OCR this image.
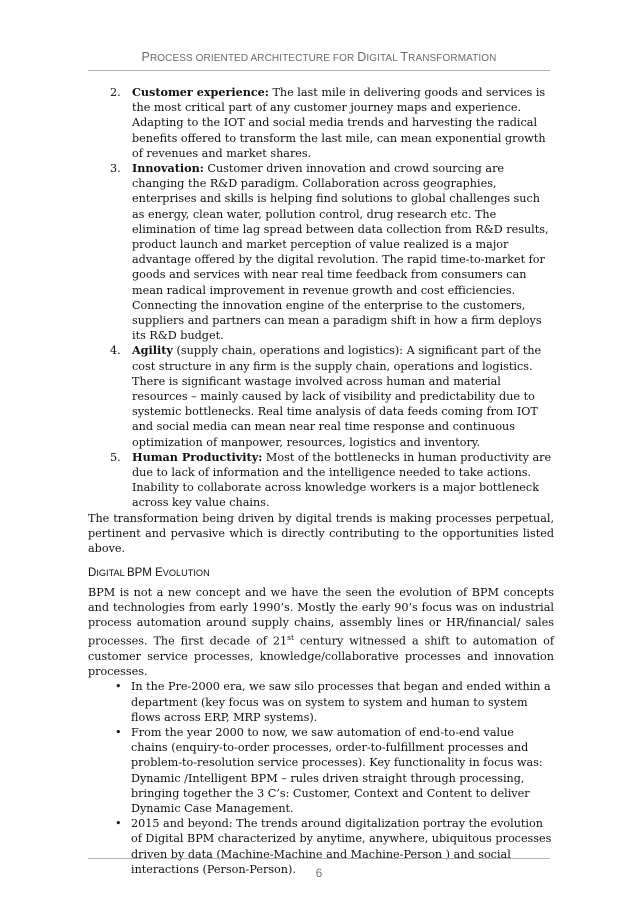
PROCESS ORIENTED ARCHITECTURE FOR DIGITAL TRANSFORMATION
2. Customer experience: The last mile in delivering goods and services is the most critical part of any customer journey maps and experience. Adapting to the IOT and social media trends and harvesting the radical benefits offered to transform the last mile, can mean exponential growth of revenues and market shares.
3. Innovation: Customer driven innovation and crowd sourcing are changing the R&D paradigm. Collaboration across geographies, enterprises and skills is helping find solutions to global challenges such as energy, clean water, pollution control, drug research etc. The elimination of time lag spread between data collection from R&D results, product launch and market perception of value realized is a major advantage offered by the digital revolution. The rapid time-to-market for goods and services with near real time feedback from consumers can mean radical improvement in revenue growth and cost efficiencies. Connecting the innovation engine of the enterprise to the customers, suppliers and partners can mean a paradigm shift in how a firm deploys its R&D budget.
4. Agility (supply chain, operations and logistics): A significant part of the cost structure in any firm is the supply chain, operations and logistics. There is significant wastage involved across human and material resources – mainly caused by lack of visibility and predictability due to systemic bottlenecks. Real time analysis of data feeds coming from IOT and social media can mean near real time response and continuous optimization of manpower, resources, logistics and inventory.
5. Human Productivity: Most of the bottlenecks in human productivity are due to lack of information and the intelligence needed to take actions. Inability to collaborate across knowledge workers is a major bottleneck across key value chains.

The transformation being driven by digital trends is making processes perpetual, pertinent and pervasive which is directly contributing to the opportunities listed above.

DIGITAL BPM EVOLUTION

BPM is not a new concept and we have the seen the evolution of BPM concepts and technologies from early 1990’s. Mostly the early 90’s focus was on industrial process automation around supply chains, assembly lines or HR/financial/ sales processes. The first decade of 21st century witnessed a shift to automation of customer service processes, knowledge/collaborative processes and innovation processes.

• In the Pre-2000 era, we saw silo processes that began and ended within a department (key focus was on system to system and human to system flows across ERP, MRP systems).
• From the year 2000 to now, we saw automation of end-to-end value chains (enquiry-to-order processes, order-to-fulfillment processes and problem-to-resolution service processes). Key functionality in focus was: Dynamic /Intelligent BPM – rules driven straight through processing, bringing together the 3 C’s: Customer, Context and Content to deliver Dynamic Case Management.
• 2015 and beyond: The trends around digitalization portray the evolution of Digital BPM characterized by anytime, anywhere, ubiquitous processes driven by data (Machine-Machine and Machine-Person ) and social interactions (Person-Person).	6
